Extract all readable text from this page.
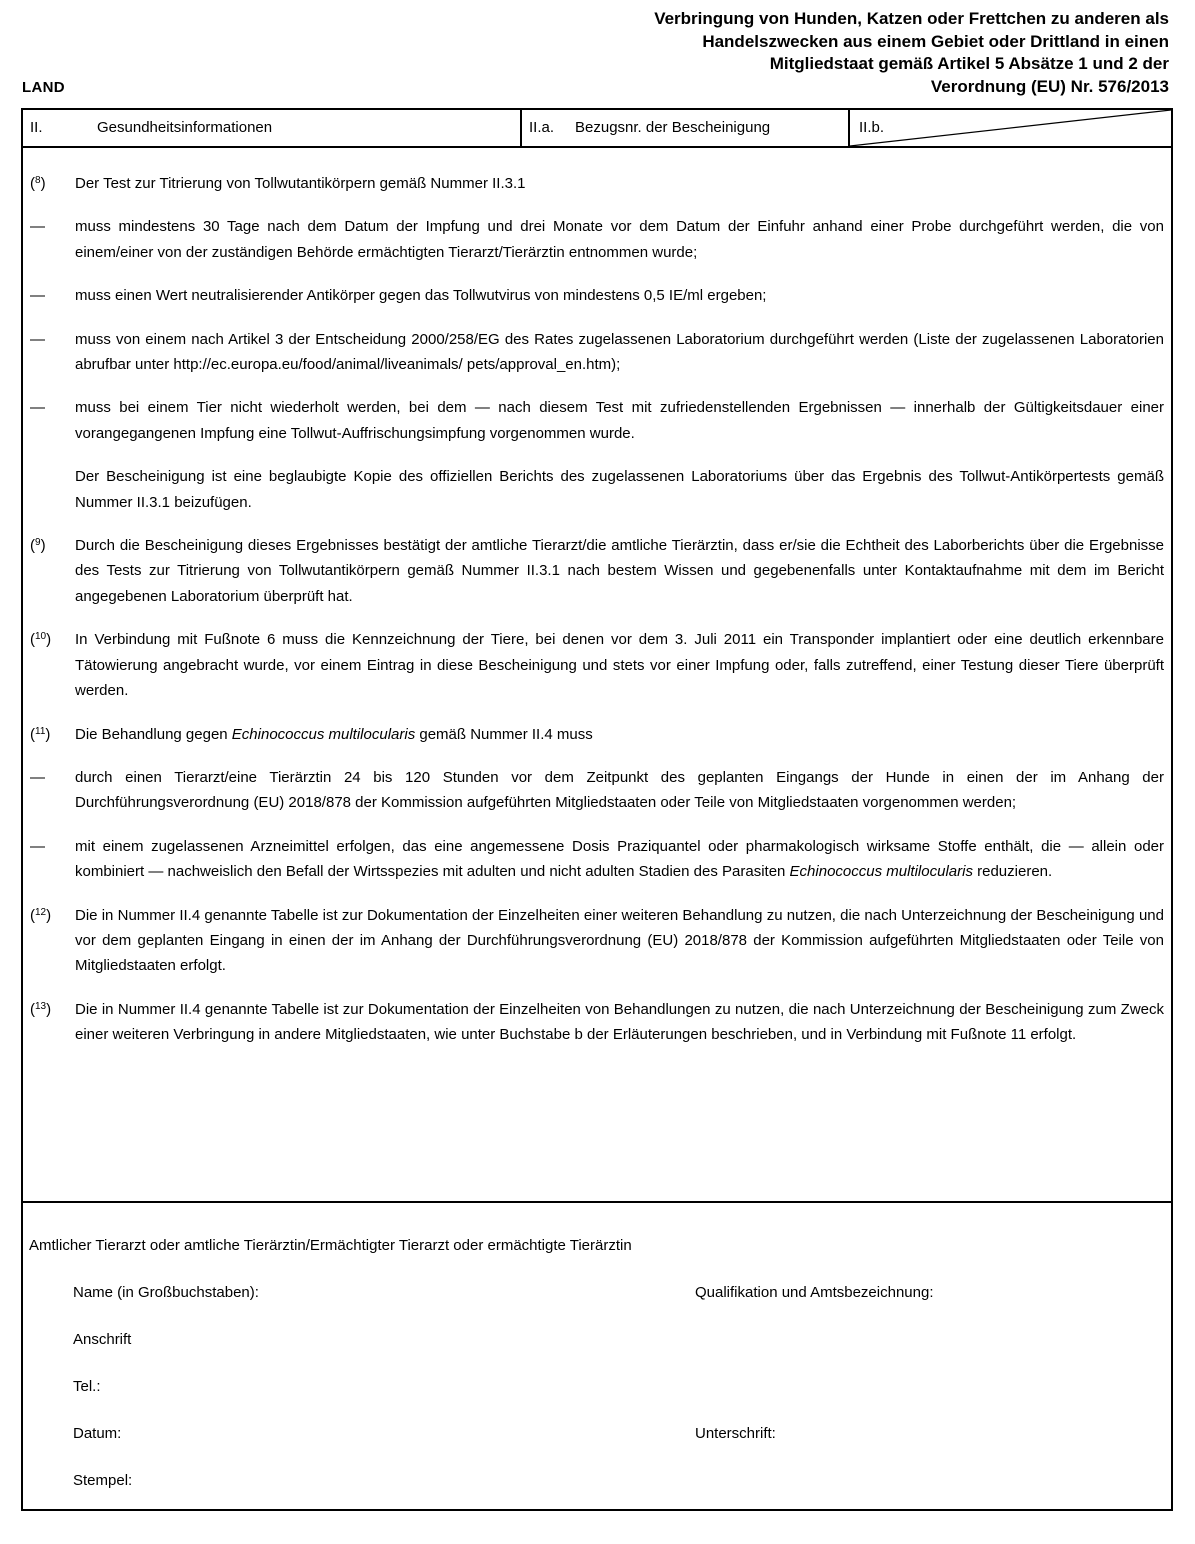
LAND
Verbringung von Hunden, Katzen oder Frettchen zu anderen als
Handelszwecken aus einem Gebiet oder Drittland in einen
Mitgliedstaat gemäß Artikel 5 Absätze 1 und 2 der
Verordnung (EU) Nr. 576/2013
II.	Gesundheitsinformationen	II.a.	Bezugsnr. der Bescheinigung	II.b.
($^8$)	Der Test zur Titrierung von Tollwutantikörpern gemäß Nummer II.3.1
—	muss mindestens 30 Tage nach dem Datum der Impfung und drei Monate vor dem Datum der Einfuhr anhand einer Probe durchgeführt werden, die von einem/einer von der zuständigen Behörde ermächtigten Tierarzt/Tierärztin entnommen wurde;
—	muss einen Wert neutralisierender Antikörper gegen das Tollwutvirus von mindestens 0,5 IE/ml ergeben;
—	muss von einem nach Artikel 3 der Entscheidung 2000/258/EG des Rates zugelassenen Laboratorium durchgeführt werden (Liste der zugelassenen Laboratorien abrufbar unter http://ec.europa.eu/food/animal/liveanimals/ pets/approval_en.htm);
—	muss bei einem Tier nicht wiederholt werden, bei dem — nach diesem Test mit zufriedenstellenden Ergebnissen — innerhalb der Gültigkeitsdauer einer vorangegangenen Impfung eine Tollwut-Auffrischungsimpfung vorgenommen wurde.
Der Bescheinigung ist eine beglaubigte Kopie des offiziellen Berichts des zugelassenen Laboratoriums über das Ergebnis des Tollwut-Antikörpertests gemäß Nummer II.3.1 beizufügen.
($^9$)	Durch die Bescheinigung dieses Ergebnisses bestätigt der amtliche Tierarzt/die amtliche Tierärztin, dass er/sie die Echtheit des Laborberichts über die Ergebnisse des Tests zur Titrierung von Tollwutantikörpern gemäß Nummer II.3.1 nach bestem Wissen und gegebenenfalls unter Kontaktaufnahme mit dem im Bericht angegebenen Laboratorium überprüft hat.
($^{10}$)	In Verbindung mit Fußnote 6 muss die Kennzeichnung der Tiere, bei denen vor dem 3. Juli 2011 ein Transponder implantiert oder eine deutlich erkennbare Tätowierung angebracht wurde, vor einem Eintrag in diese Bescheinigung und stets vor einer Impfung oder, falls zutreffend, einer Testung dieser Tiere überprüft werden.
($^{11}$)	Die Behandlung gegen Echinococcus multilocularis gemäß Nummer II.4 muss
—	durch einen Tierarzt/eine Tierärztin 24 bis 120 Stunden vor dem Zeitpunkt des geplanten Eingangs der Hunde in einen der im Anhang der Durchführungsverordnung (EU) 2018/878 der Kommission aufgeführten Mitgliedstaaten oder Teile von Mitgliedstaaten vorgenommen werden;
—	mit einem zugelassenen Arzneimittel erfolgen, das eine angemessene Dosis Praziquantel oder pharmakologisch wirksame Stoffe enthält, die — allein oder kombiniert — nachweislich den Befall der Wirtsspezies mit adulten und nicht adulten Stadien des Parasiten Echinococcus multilocularis reduzieren.
($^{12}$)	Die in Nummer II.4 genannte Tabelle ist zur Dokumentation der Einzelheiten einer weiteren Behandlung zu nutzen, die nach Unterzeichnung der Bescheinigung und vor dem geplanten Eingang in einen der im Anhang der Durchführungsverordnung (EU) 2018/878 der Kommission aufgeführten Mitgliedstaaten oder Teile von Mitgliedstaaten erfolgt.
($^{13}$)	Die in Nummer II.4 genannte Tabelle ist zur Dokumentation der Einzelheiten von Behandlungen zu nutzen, die nach Unterzeichnung der Bescheinigung zum Zweck einer weiteren Verbringung in andere Mitgliedstaaten, wie unter Buchstabe b der Erläuterungen beschrieben, und in Verbindung mit Fußnote 11 erfolgt.
Amtlicher Tierarzt oder amtliche Tierärztin/Ermächtigter Tierarzt oder ermächtigte Tierärztin
Name (in Großbuchstaben):	Qualifikation und Amtsbezeichnung:
Anschrift
Tel.:
Datum:	Unterschrift:
Stempel:
